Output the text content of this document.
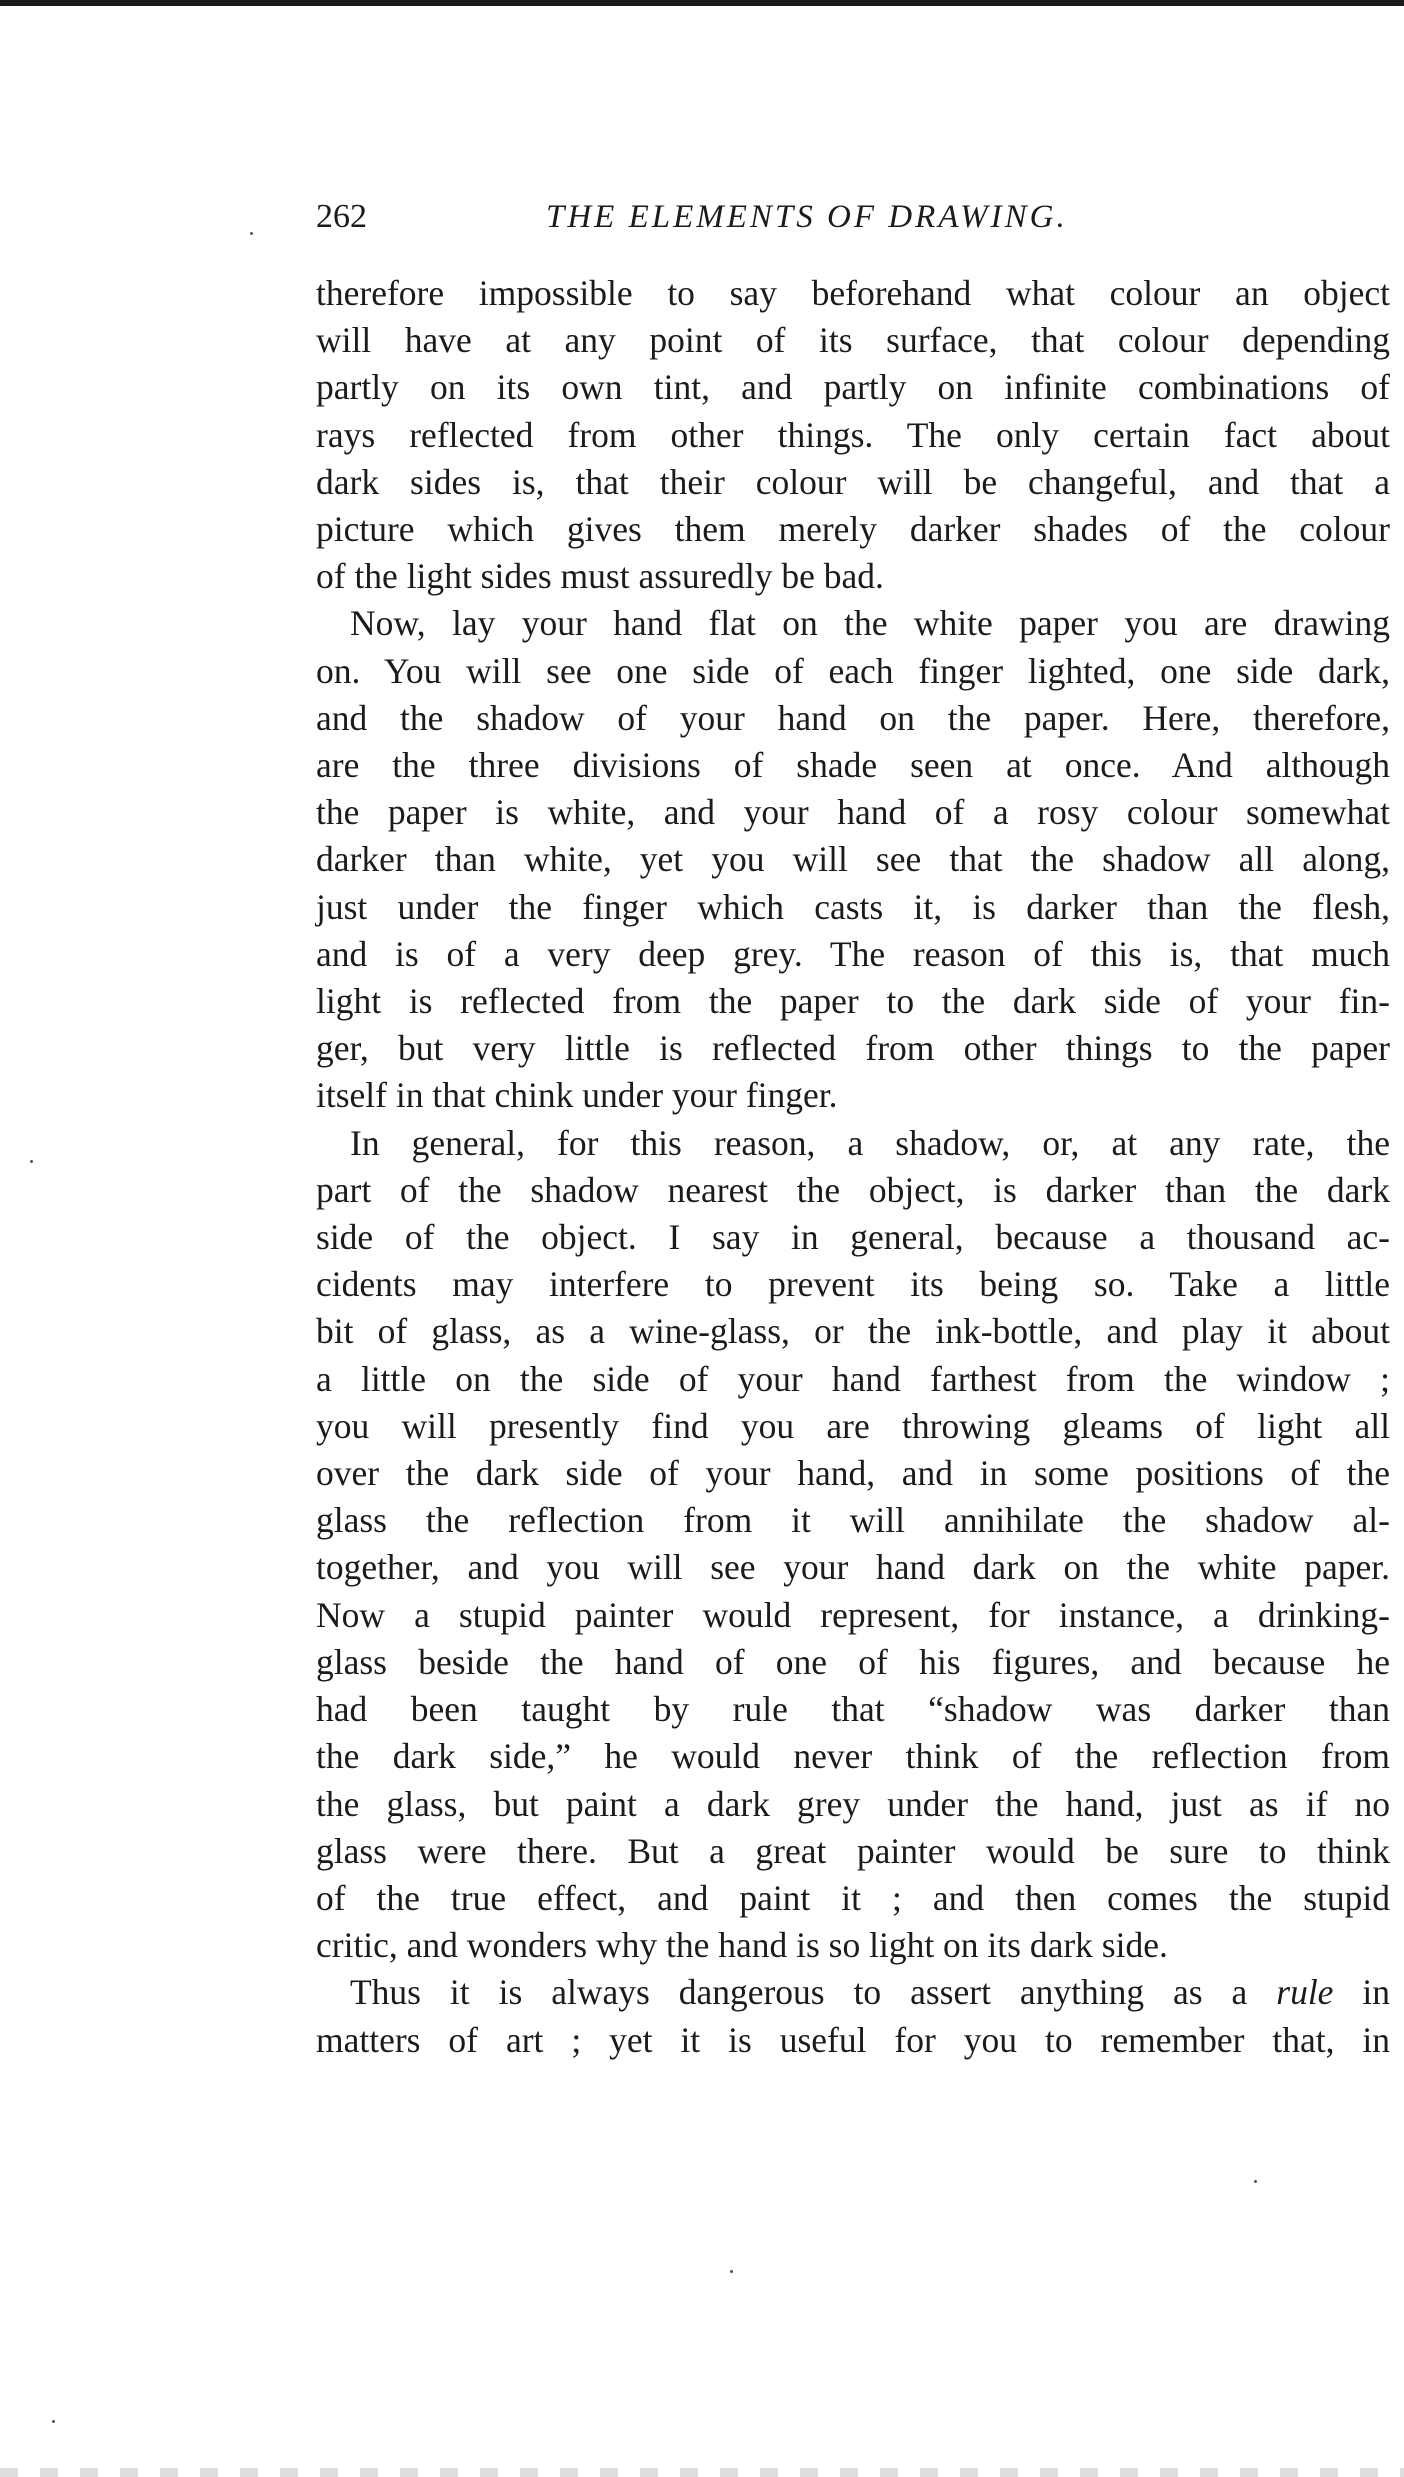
262	THE ELEMENTS OF DRAWING.
therefore impossible to say beforehand what colour an object
will have at any point of its surface, that colour depending
partly on its own tint, and partly on infinite combinations of
rays reflected from other things. The only certain fact about
dark sides is, that their colour will be changeful, and that a
picture which gives them merely darker shades of the colour
of the light sides must assuredly be bad.
Now, lay your hand flat on the white paper you are drawing
on. You will see one side of each finger lighted, one side dark,
and the shadow of your hand on the paper. Here, therefore,
are the three divisions of shade seen at once. And although
the paper is white, and your hand of a rosy colour somewhat
darker than white, yet you will see that the shadow all along,
just under the finger which casts it, is darker than the flesh,
and is of a very deep grey. The reason of this is, that much
light is reflected from the paper to the dark side of your fin-
ger, but very little is reflected from other things to the paper
itself in that chink under your finger.
In general, for this reason, a shadow, or, at any rate, the
part of the shadow nearest the object, is darker than the dark
side of the object. I say in general, because a thousand ac-
cidents may interfere to prevent its being so. Take a little
bit of glass, as a wine-glass, or the ink-bottle, and play it about
a little on the side of your hand farthest from the window ;
you will presently find you are throwing gleams of light all
over the dark side of your hand, and in some positions of the
glass the reflection from it will annihilate the shadow al-
together, and you will see your hand dark on the white paper.
Now a stupid painter would represent, for instance, a drinking-
glass beside the hand of one of his figures, and because he
had been taught by rule that “shadow was darker than
the dark side,” he would never think of the reflection from
the glass, but paint a dark grey under the hand, just as if no
glass were there. But a great painter would be sure to think
of the true effect, and paint it ; and then comes the stupid
critic, and wonders why the hand is so light on its dark side.
Thus it is always dangerous to assert anything as a rule in
matters of art ; yet it is useful for you to remember that, in
